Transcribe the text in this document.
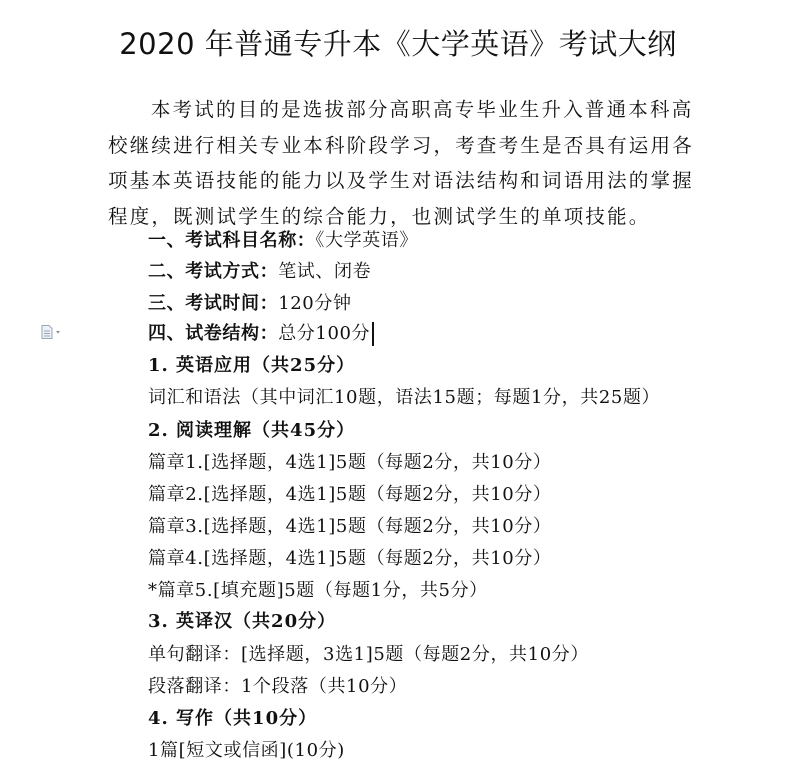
2020 年普通专升本《大学英语》考试大纲

本考试的目的是选拔部分高职高专毕业生升入普通本科高校继续进行相关专业本科阶段学习，考查考生是否具有运用各项基本英语技能的能力以及学生对语法结构和词语用法的掌握程度，既测试学生的综合能力，也测试学生的单项技能。

一、考试科目名称：《大学英语》
二、考试方式：笔试、闭卷
三、考试时间：120分钟
四、试卷结构：总分100分
1. 英语应用（共25分）
词汇和语法（其中词汇10题，语法15题；每题1分，共25题）
2. 阅读理解（共45分）
篇章1.[选择题，4选1]5题（每题2分，共10分）
篇章2.[选择题，4选1]5题（每题2分，共10分）
篇章3.[选择题，4选1]5题（每题2分，共10分）
篇章4.[选择题，4选1]5题（每题2分，共10分）
*篇章5.[填充题]5题（每题1分，共5分）
3. 英译汉（共20分）
单句翻译：[选择题，3选1]5题（每题2分，共10分）
段落翻译：1个段落（共10分）
4. 写作（共10分）
1篇[短文或信函](10分)
